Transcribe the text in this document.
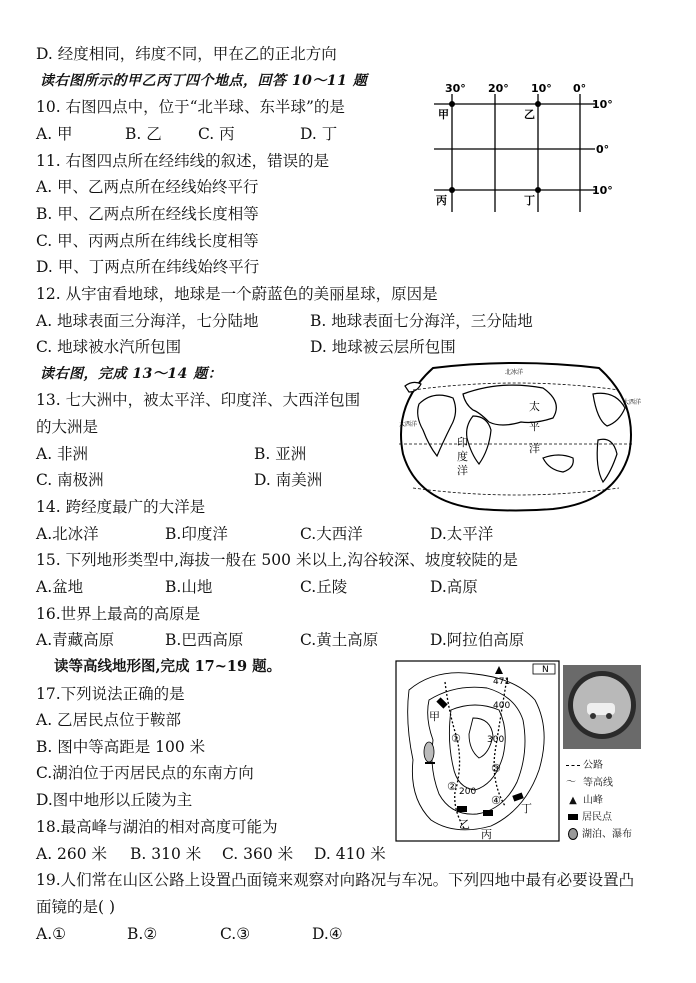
D. 经度相同，纬度不同，甲在乙的正北方向
读右图所示的甲乙丙丁四个地点，回答 10～11 题
10. 右图四点中，位于“北半球、东半球”的是
A. 甲	B. 乙 C. 丙	D. 丁
11. 右图四点所在经纬线的叙述，错误的是
A. 甲、乙两点所在经线始终平行
B. 甲、乙两点所在经线长度相等
C. 甲、丙两点所在纬线长度相等
D. 甲、丁两点所在纬线始终平行
30° 20° 10° 0°
10°
0°
10°
甲	乙
丙	丁
12. 从宇宙看地球，地球是一个蔚蓝色的美丽星球，原因是
A. 地球表面三分海洋，七分陆地	B. 地球表面七分海洋，三分陆地
C. 地球被水汽所包围	D. 地球被云层所包围
读右图，完成 13～14 题：
13. 七大洲中，被太平洋、印度洋、大西洋包围
的大洲是
A. 非洲	B. 亚洲
C. 南极洲	D. 南美洲
太
平
洋
印
度
洋
北冰洋
大西洋
大西洋
14. 跨经度最广的大洋是
A.北冰洋	B.印度洋	C.大西洋	D.太平洋
15. 下列地形类型中,海拔一般在 500 米以上,沟谷较深、坡度较陡的是
A.盆地	B.山地	C.丘陵	D.高原
16.世界上最高的高原是
A.青藏高原	B.巴西高原	C.黄土高原	D.阿拉伯高原
读等高线地形图,完成 17~19 题。
17.下列说法正确的是
A. 乙居民点位于鞍部
B. 图中等高距是 100 米
C.湖泊位于丙居民点的东南方向
D.图中地形以丘陵为主
N
471
400
300
200
①
②
③
④
甲
乙
丙
丁
公路
～ 等高线
▲ 山峰
居民点
湖泊、瀑布
18.最高峰与湖泊的相对高度可能为
A. 260 米 B. 310 米 C. 360 米 D. 410 米
19.人们常在山区公路上设置凸面镜来观察对向路况与车况。下列四地中最有必要设置凸
面镜的是( )
A.①	B.②	C.③	D.④
